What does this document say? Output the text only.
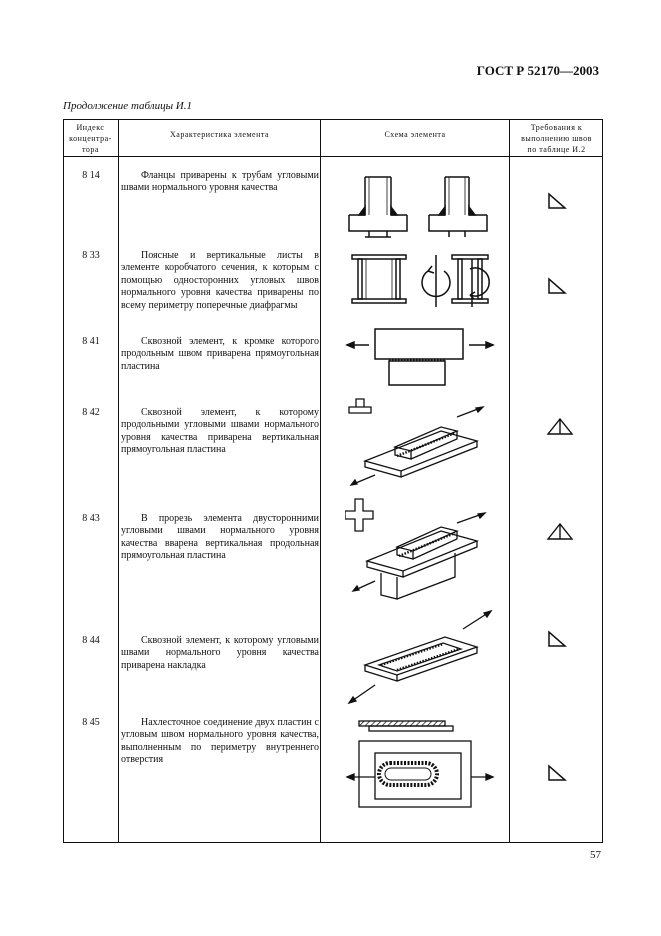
ГОСТ Р 52170—2003
Продолжение таблицы И.1
Индекс
концентра-
тора
Характеристика элемента	Схема элемента
Требования к
выполнению швов
по таблице И.2
8 14	Фланцы приварены к трубам угловыми швами нормального уровня качества
8 33	Поясные и вертикальные листы в элементе коробчатого сечения, к которым с помощью односторонних угловых швов нормального уровня качества приварены по всему периметру поперечные диафрагмы
8 41	Сквозной элемент, к кромке которого продольным швом приварена прямоугольная пластина
8 42	Сквозной элемент, к которому продольными угловыми швами нормального уровня качества приварена вертикальная прямоугольная пластина
8 43	В прорезь элемента двусторонними угловыми швами нормального уровня качества вварена вертикальная продольная прямоугольная пластина
8 44	Сквозной элемент, к которому угловыми швами нормального уровня качества приварена накладка
8 45	Нахлесточное соединение двух пластин с угловым швом нормального уровня качества, выполненным по периметру внутреннего отверстия
57
